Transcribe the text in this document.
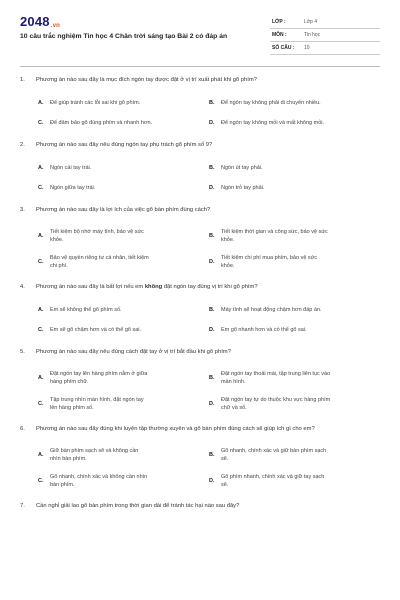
2048.vn
10 câu trắc nghiệm Tin học 4 Chân trời sáng tạo Bài 2 có đáp án
LỚP :	Lớp 4
MÔN :	Tin học
SỐ CÂU : 10
1. Phương án nào sau đây là mục đích ngón tay được đặt ở vị trí xuất phát khi gõ phím?
A. Để giúp tránh các lỗi sai khi gõ phím.	B. Để ngón tay không phải di chuyển nhiều.
C. Để đảm bảo gõ đúng phím và nhanh hơn.	D. Để ngón tay không mỏi và mất không mỏi.
2. Phương án nào sau đây nêu đúng ngón tay phụ trách gõ phím số 9?
A. Ngón cái tay trái.	B. Ngón út tay phải.
C. Ngón giữa tay trái.	D. Ngón trỏ tay phải.
3. Phương án nào sau đây là lợi ích của việc gõ bàn phím đúng cách?
A.
Tiết kiệm bộ nhớ máy tính, bảo vệ sức khỏe.
B.
Tiết kiệm thời gian và công sức, bảo vệ sức khỏe.
C.
Bảo vệ quyền riêng tư cá nhân, tiết kiệm chi phí.
D.
Tiết kiệm chi phí mua phím, bảo vệ sức khỏe.
4. Phương án nào sau đây là bất lợi nếu em không đặt ngón tay đúng vị trí khi gõ phím?
A. Em sẽ không thể gõ phím số.	B. Máy tính sẽ hoạt động chậm hơn đáp án.
C. Em sẽ gõ chậm hơn và có thể gõ sai.	D. Em gõ nhanh hơn và có thể gõ sai.
5. Phương án nào sau đây nêu đúng cách đặt tay ở vị trí bắt đầu khi gõ phím?
A.
Đặt ngón tay lên hàng phím nằm ở giữa hàng phím chữ.
B.
Đặt ngón tay thoải mái, tập trung liên tục vào màn hình.
C.
Tập trung nhìn màn hình, đặt ngón tay lên hàng phím số.
D.
Đặt ngón tay tự do thuộc khu vực hàng phím chữ và số.
6. Phương án nào sau đây đúng khi luyện tập thường xuyên và gõ bàn phím đúng cách sẽ giúp ích gì cho em?
A.
Giữ bàn phím sạch sẽ và không cần nhìn bàn phím.
B.
Gõ nhanh, chính xác và giữ bàn phím sạch sẽ.
C.
Gõ nhanh, chính xác và không cần nhìn bàn phím.
D.
Gõ phím nhanh, chính xác và giữ tay sạch sẽ.
7. Cần nghỉ giải lao gõ bàn phím trong thời gian dài để tránh tác hại nào sau đây?
